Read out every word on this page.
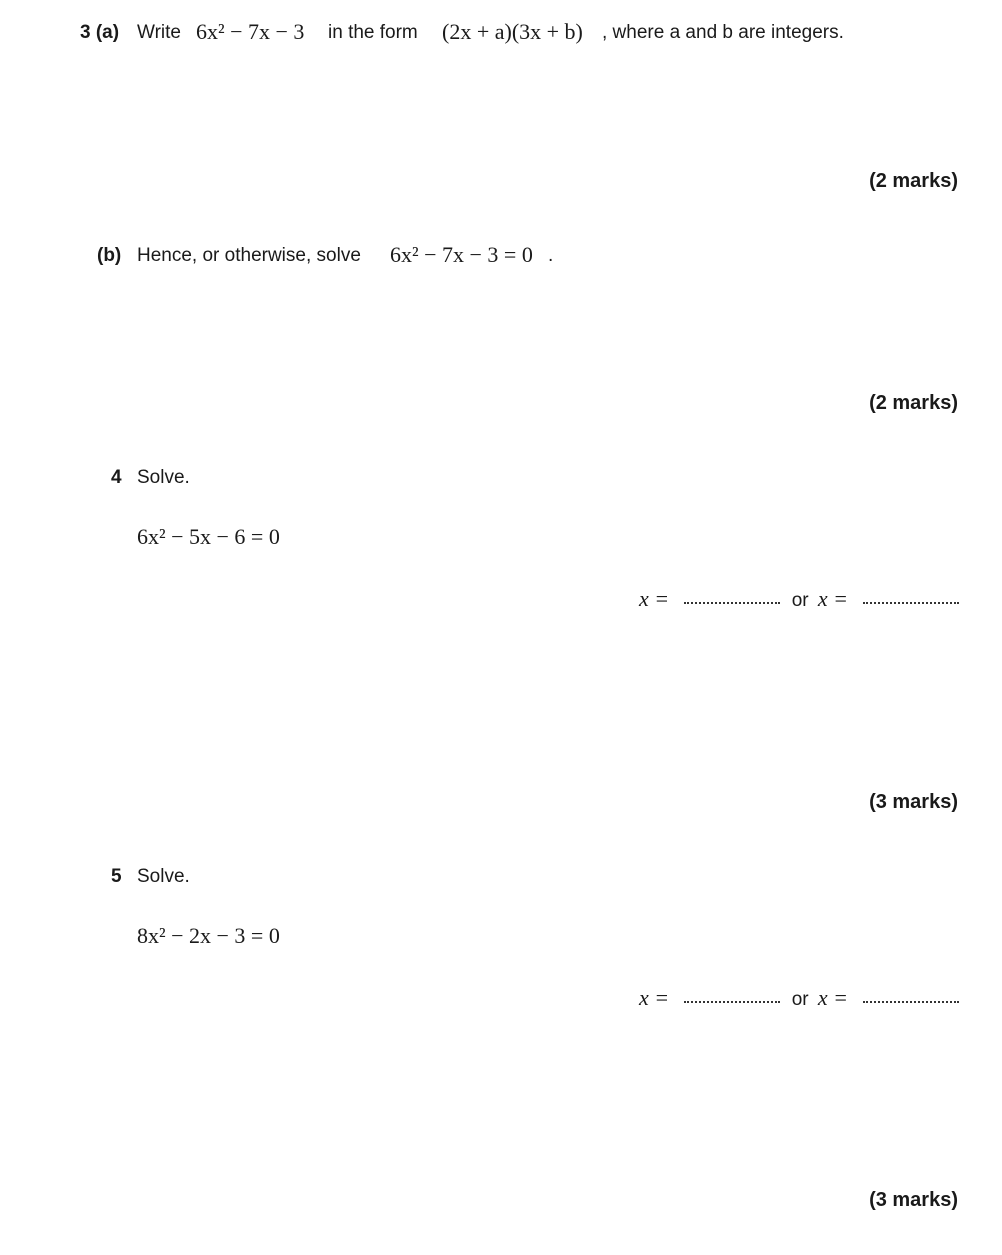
3 (a) Write 6x² − 7x − 3 in the form (2x + a)(3x + b) , where a and b are integers.
(2 marks)
(b) Hence, or otherwise, solve 6x² − 7x − 3 = 0 .
(2 marks)
4 Solve.
6x² − 5x − 6 = 0
x =	or x =
(3 marks)
5 Solve.
8x² − 2x − 3 = 0
x =	or x =
(3 marks)
